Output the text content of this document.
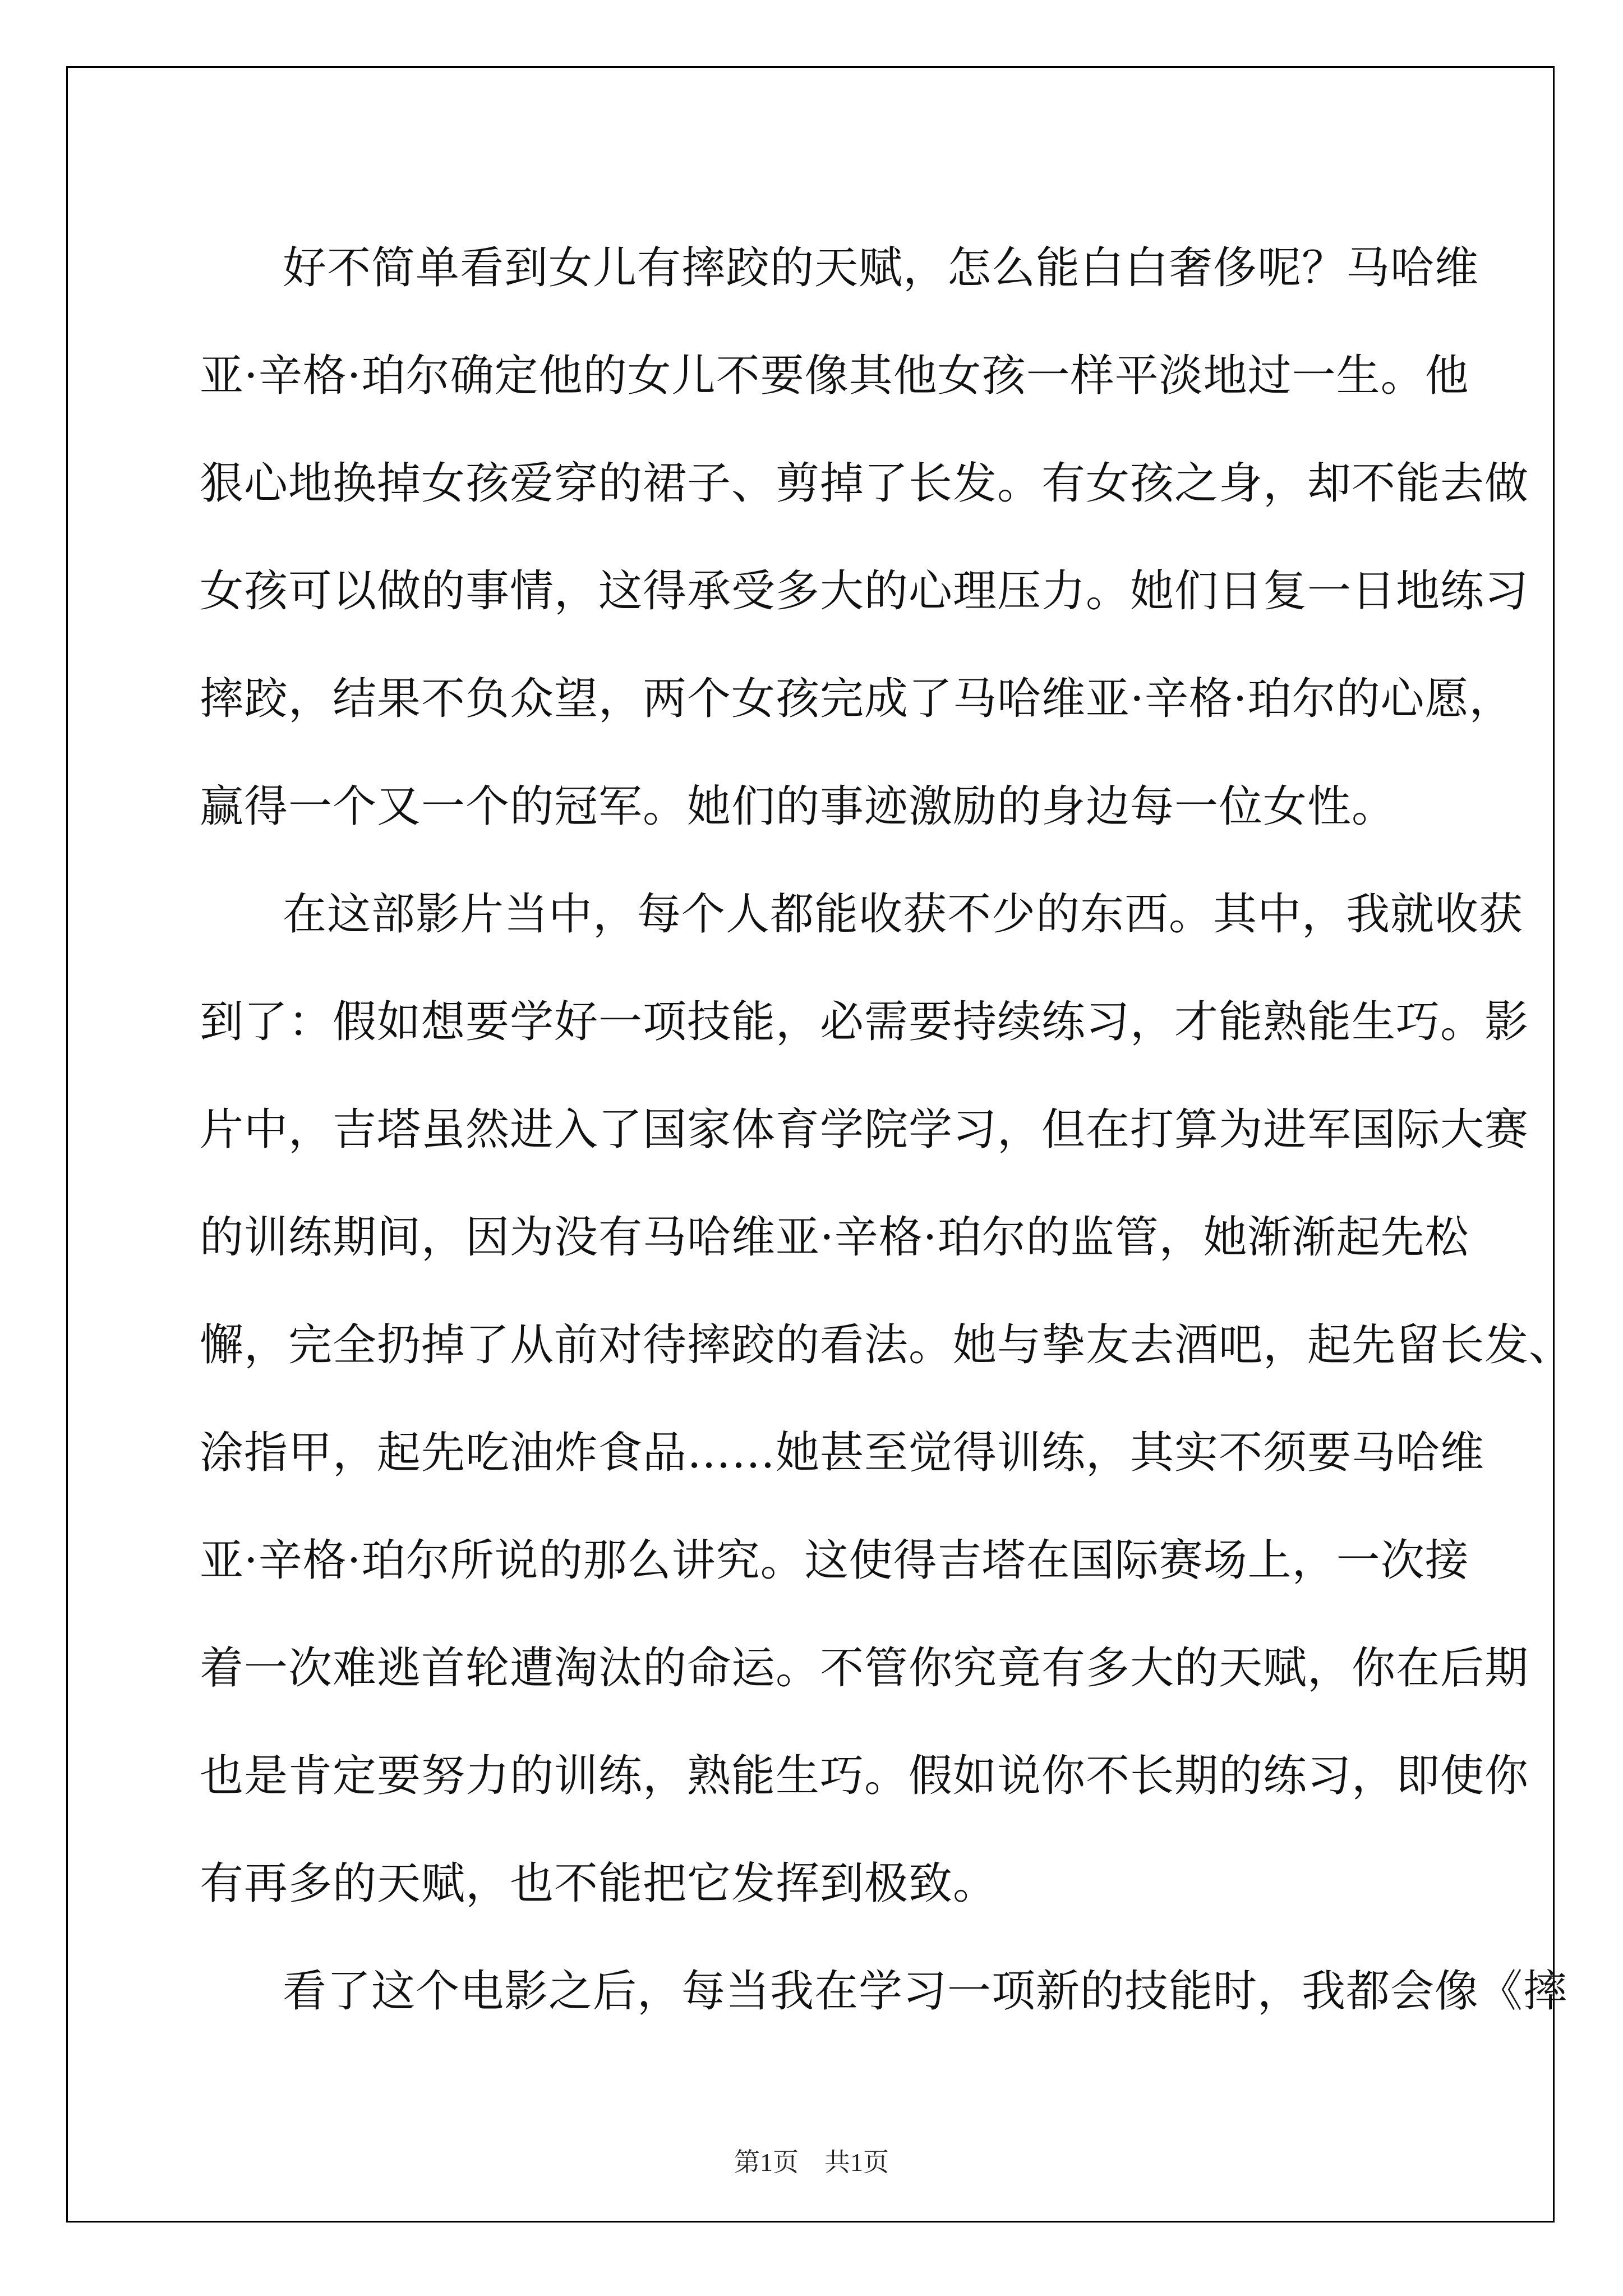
好不简单看到女儿有摔跤的天赋，怎么能白白奢侈呢？马哈维
亚·辛格·珀尔确定他的女儿不要像其他女孩一样平淡地过一生。他
狠心地换掉女孩爱穿的裙子、剪掉了长发。有女孩之身，却不能去做
女孩可以做的事情，这得承受多大的心理压力。她们日复一日地练习
摔跤，结果不负众望，两个女孩完成了马哈维亚·辛格·珀尔的心愿，
赢得一个又一个的冠军。她们的事迹激励的身边每一位女性。
在这部影片当中，每个人都能收获不少的东西。其中，我就收获
到了：假如想要学好一项技能，必需要持续练习，才能熟能生巧。影
片中，吉塔虽然进入了国家体育学院学习，但在打算为进军国际大赛
的训练期间，因为没有马哈维亚·辛格·珀尔的监管，她渐渐起先松
懈，完全扔掉了从前对待摔跤的看法。她与挚友去酒吧，起先留长发、
涂指甲，起先吃油炸食品……她甚至觉得训练，其实不须要马哈维
亚·辛格·珀尔所说的那么讲究。这使得吉塔在国际赛场上，一次接
着一次难逃首轮遭淘汰的命运。不管你究竟有多大的天赋，你在后期
也是肯定要努力的训练，熟能生巧。假如说你不长期的练习，即使你
有再多的天赋，也不能把它发挥到极致。
看了这个电影之后，每当我在学习一项新的技能时，我都会像《摔
第1页　共1页
